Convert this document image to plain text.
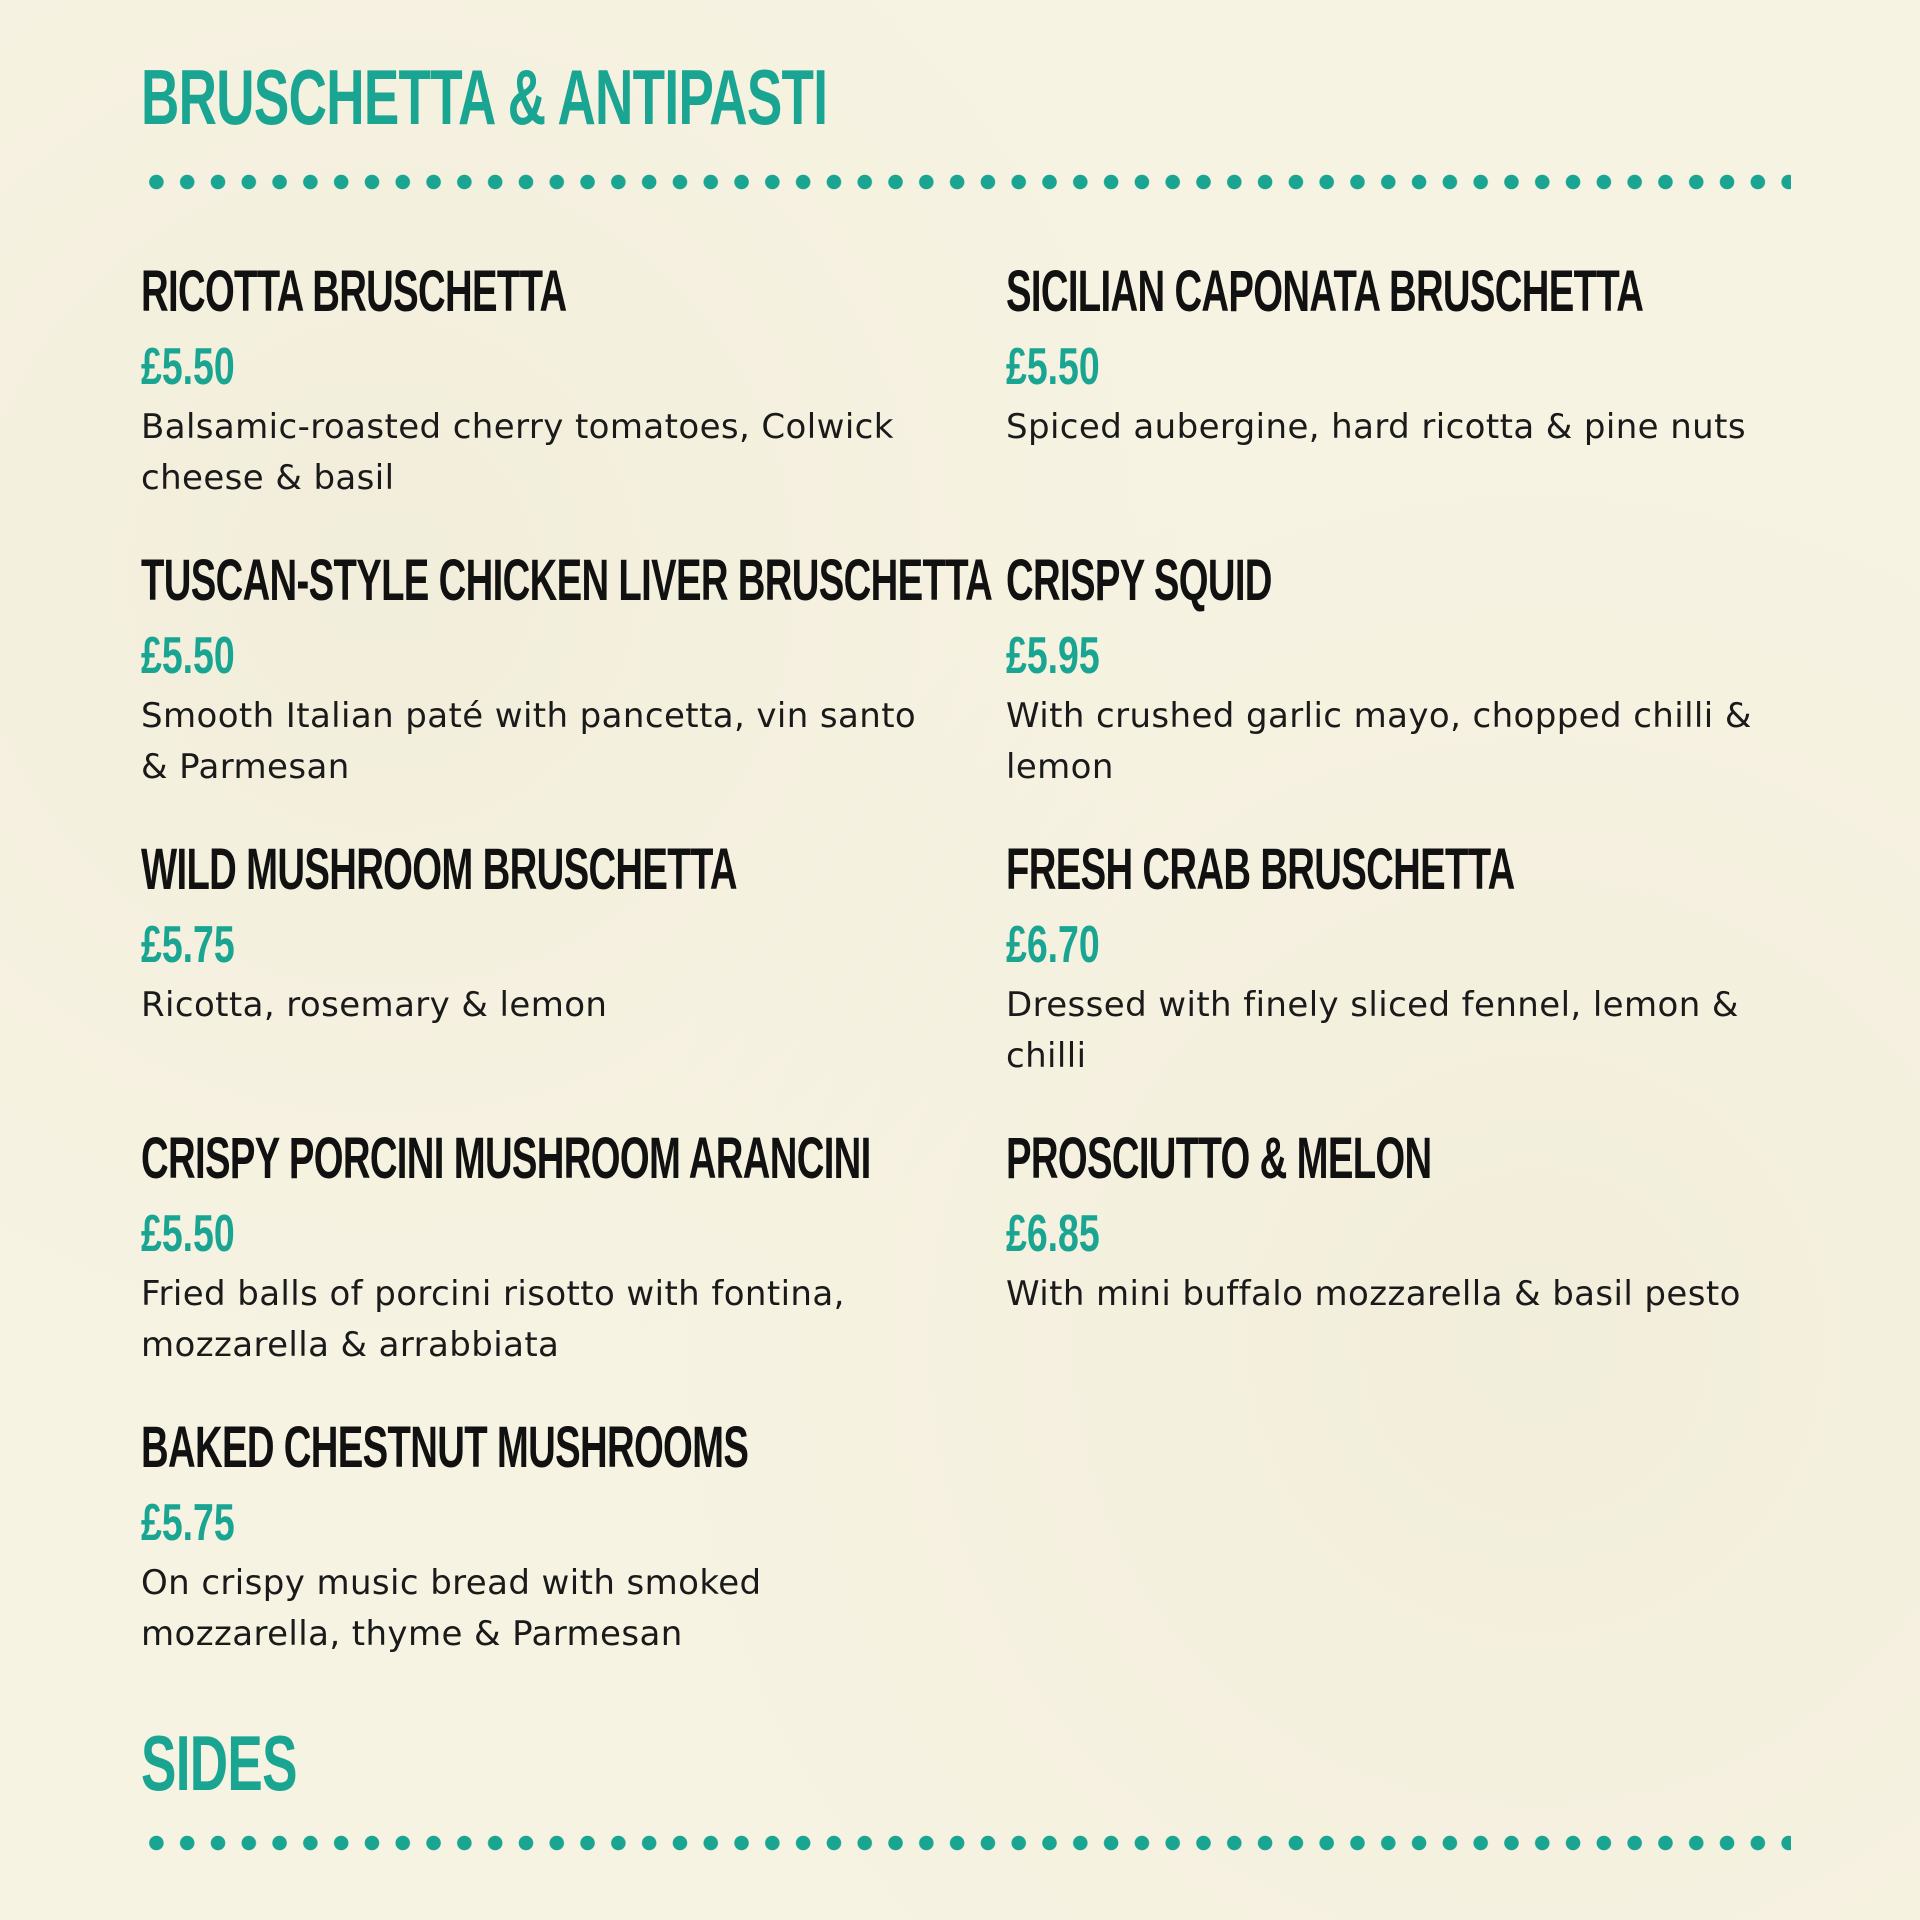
BRUSCHETTA & ANTIPASTI
RICOTTA BRUSCHETTA
£5.50
Balsamic-roasted cherry tomatoes, Colwick cheese & basil
SICILIAN CAPONATA BRUSCHETTA
£5.50
Spiced aubergine, hard ricotta & pine nuts
TUSCAN-STYLE CHICKEN LIVER BRUSCHETTA
£5.50
Smooth Italian paté with pancetta, vin santo & Parmesan
CRISPY SQUID
£5.95
With crushed garlic mayo, chopped chilli & lemon
WILD MUSHROOM BRUSCHETTA
£5.75
Ricotta, rosemary & lemon
FRESH CRAB BRUSCHETTA
£6.70
Dressed with finely sliced fennel, lemon & chilli
CRISPY PORCINI MUSHROOM ARANCINI
£5.50
Fried balls of porcini risotto with fontina, mozzarella & arrabbiata
PROSCIUTTO & MELON
£6.85
With mini buffalo mozzarella & basil pesto
BAKED CHESTNUT MUSHROOMS
£5.75
On crispy music bread with smoked mozzarella, thyme & Parmesan
SIDES
